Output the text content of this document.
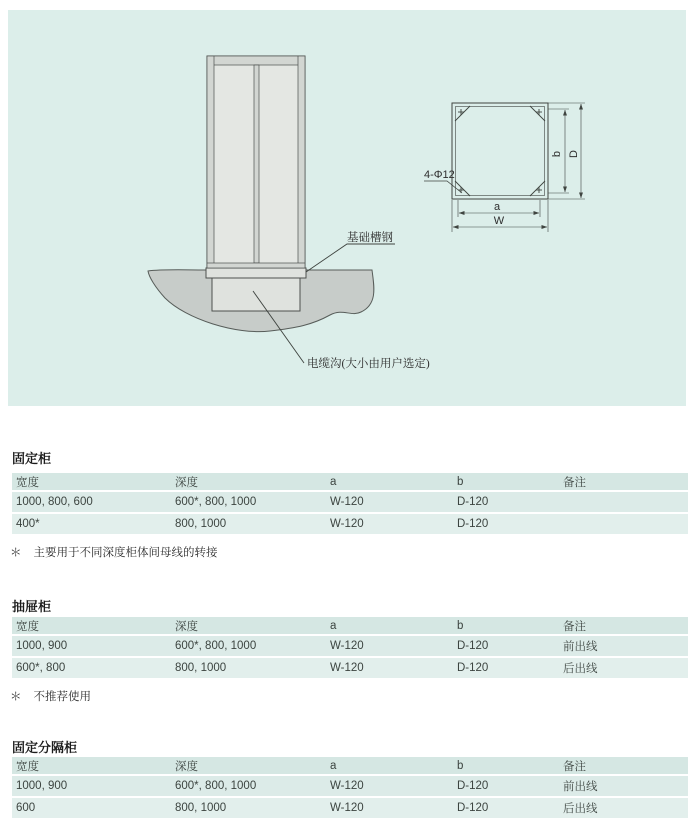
基础槽钢
电缆沟(大小由用户选定)
a
W
b D
4-Φ12
固定柜
宽度	深度	a	b	备注
1000, 800, 600	600*, 800, 1000	W-120	D-120
400*	800, 1000	W-120	D-120
＊ 主要用于不同深度柜体间母线的转接
抽屉柜
宽度	深度	a	b	备注
1000, 900	600*, 800, 1000	W-120	D-120	前出线
600*, 800	800, 1000	W-120	D-120	后出线
＊ 不推荐使用
固定分隔柜
宽度	深度	a	b	备注
1000, 900	600*, 800, 1000	W-120	D-120	前出线
600	800, 1000	W-120	D-120	后出线
